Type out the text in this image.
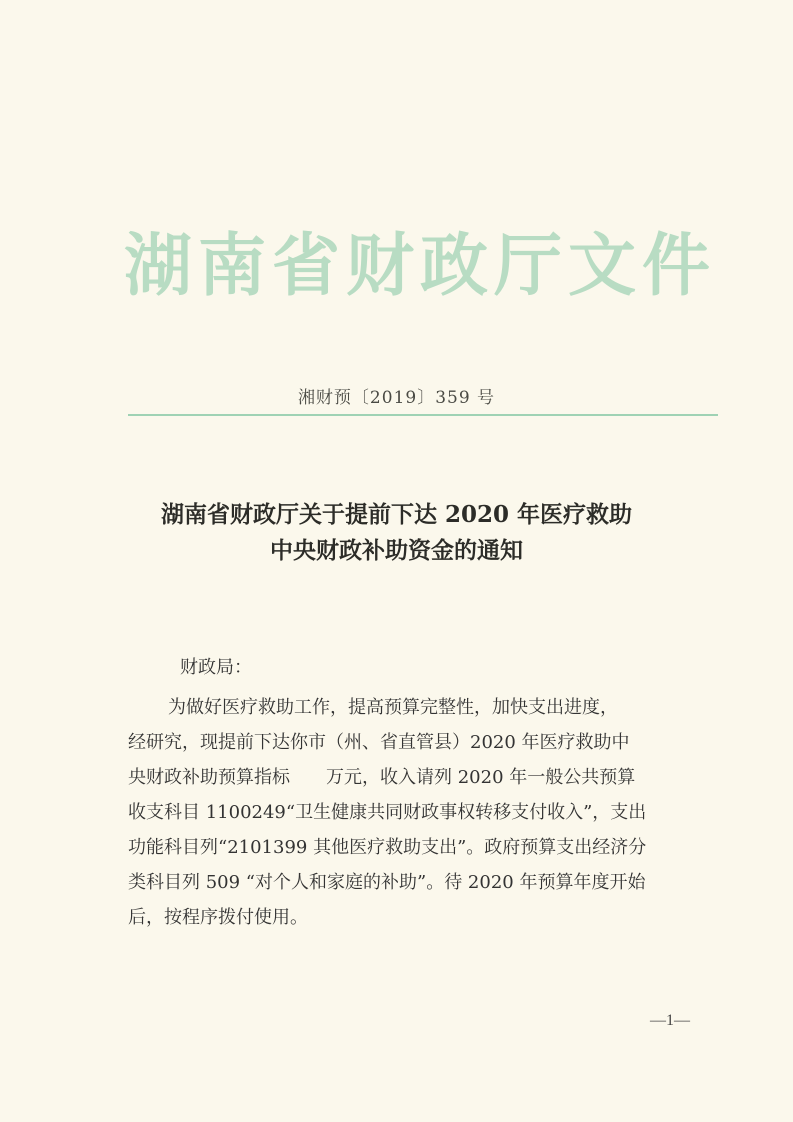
湖南省财政厅文件
湘财预〔2019〕359 号
湖南省财政厅关于提前下达 2020 年医疗救助
中央财政补助资金的通知
财政局：
为做好医疗救助工作，提高预算完整性，加快支出进度，
经研究，现提前下达你市（州、省直管县）2020 年医疗救助中
央财政补助预算指标　　万元，收入请列 2020 年一般公共预算
收支科目 1100249“卫生健康共同财政事权转移支付收入”，支出
功能科目列“2101399 其他医疗救助支出”。政府预算支出经济分
类科目列 509 “对个人和家庭的补助”。待 2020 年预算年度开始
后，按程序拨付使用。
—1—
